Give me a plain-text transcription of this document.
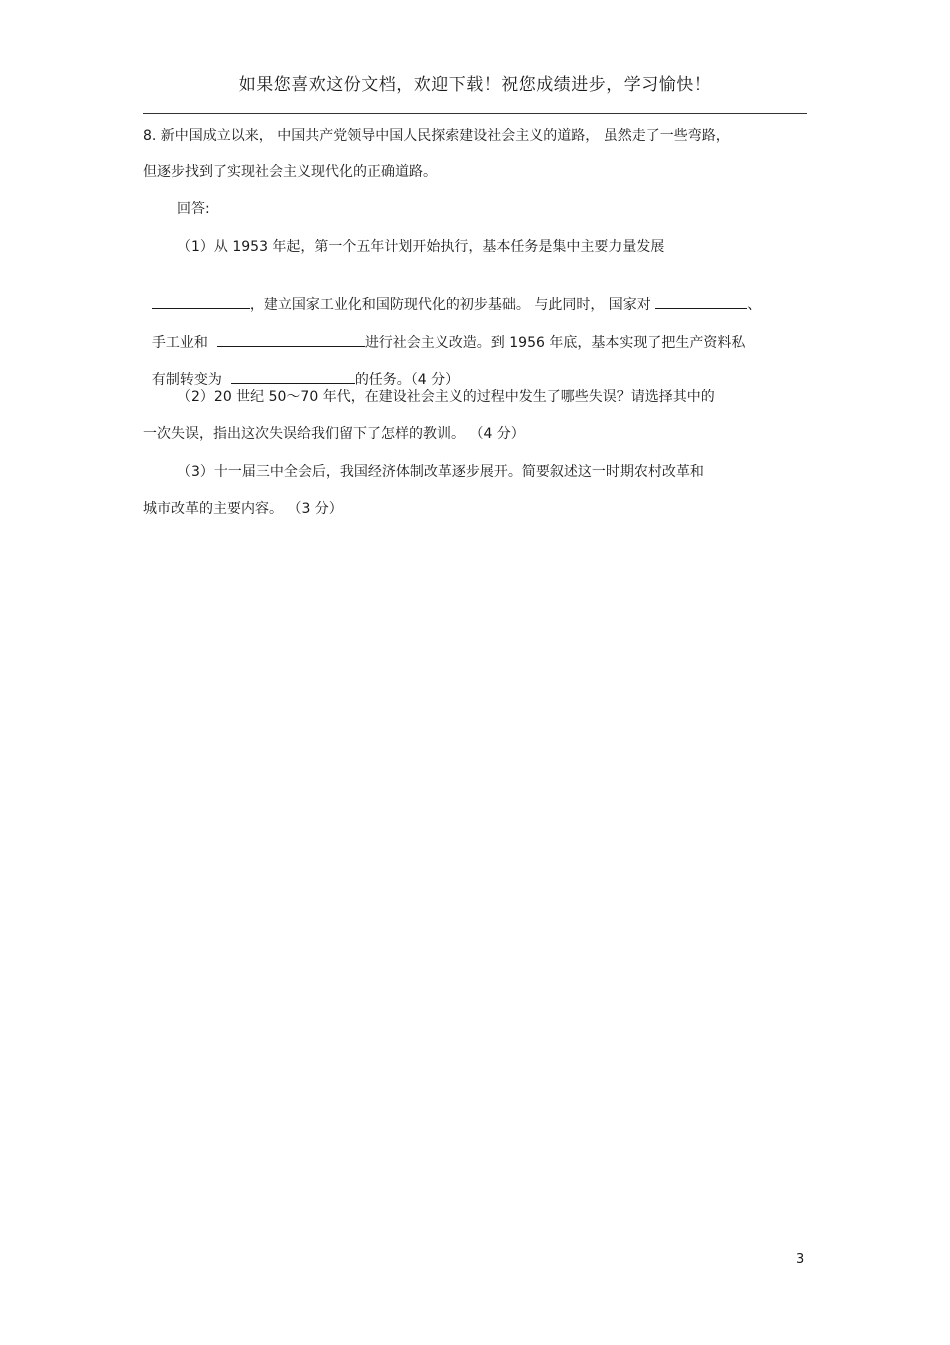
如果您喜欢这份文档，欢迎下载！祝您成绩进步，学习愉快！
8. 新中国成立以来， 中国共产党领导中国人民探索建设社会主义的道路， 虽然走了一些弯路，
但逐步找到了实现社会主义现代化的正确道路。
回答:
（1）从 1953 年起，第一个五年计划开始执行，基本任务是集中主要力量发展

，建立国家工业化和国防现代化的初步基础。 与此同时， 国家对	、

手工业和	进行社会主义改造。到 1956 年底，基本实现了把生产资料私

有制转变为	的任务。（4 分）

（2）20 世纪 50～70 年代，在建设社会主义的过程中发生了哪些失误？请选择其中的
一次失误，指出这次失误给我们留下了怎样的教训。 （4 分）
（3）十一届三中全会后，我国经济体制改革逐步展开。简要叙述这一时期农村改革和
城市改革的主要内容。 （3 分）
3
